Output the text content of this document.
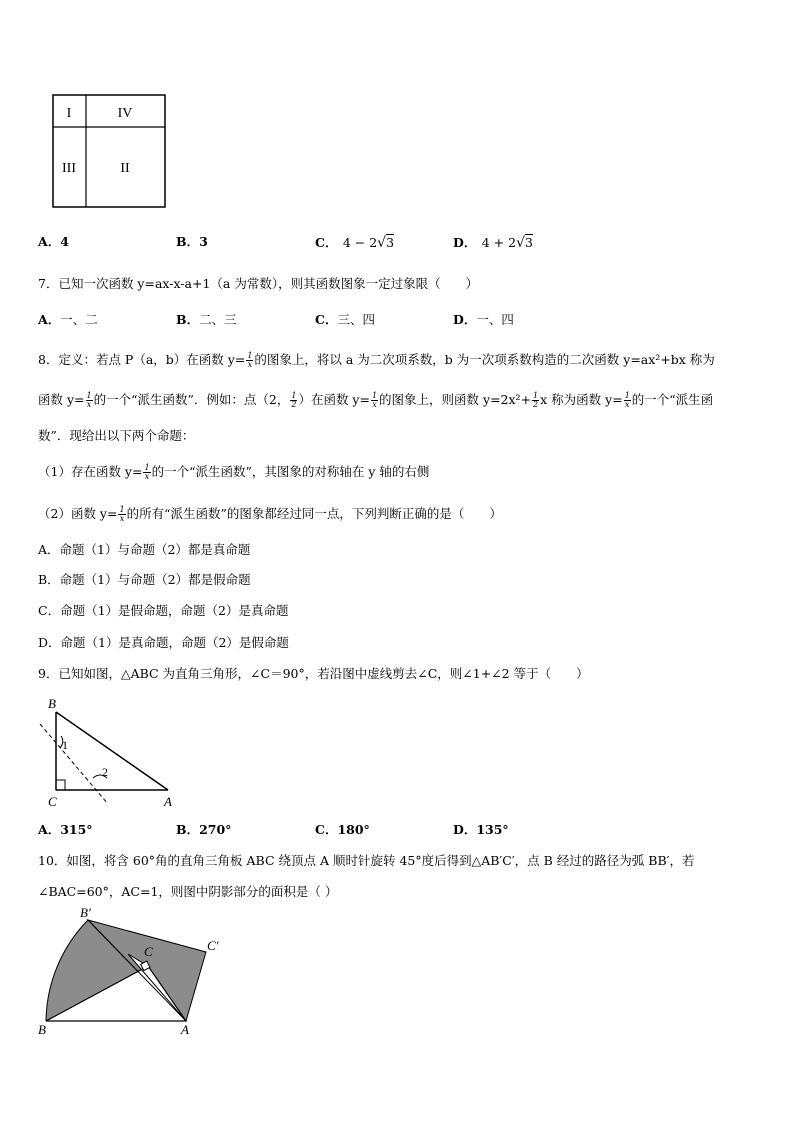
I	IV
III	II
A．4	B．3	C． 4 − 2√3	D． 4 + 2√3
7．已知一次函数 y=ax-x-a+1（a 为常数），则其函数图象一定过象限（　　）
A．一、二	B．二、三	C．三、四	D．一、四
8．定义：若点 P（a，b）在函数 $y= \frac{1}{x}$ 的图象上，将以 a 为二次项系数，b 为一次项系数构造的二次函数 y=ax²+bx 称为
函数 $y= \frac{1}{x}$ 的一个“派生函数”．例如：点（2， $\frac{1}{2}$ ）在函数 $y= \frac{1}{x}$ 的图象上，则函数 $y=2x^2+ \frac{1}{2}$ x 称为函数 $y= \frac{1}{x}$ 的一个“派生函
数”．现给出以下两个命题：
（1）存在函数 $y= \frac{1}{x}$ 的一个“派生函数”，其图象的对称轴在 y 轴的右侧
（2）函数 $y= \frac{1}{x}$ 的所有“派生函数”的图象都经过同一点，下列判断正确的是（　　）
A．命题（1）与命题（2）都是真命题
B．命题（1）与命题（2）都是假命题
C．命题（1）是假命题，命题（2）是真命题
D．命题（1）是真命题，命题（2）是假命题
9．已知如图，△ABC 为直角三角形，∠C＝90°，若沿图中虚线剪去∠C，则∠1+∠2 等于（　　）
B
C	A
1
2
A．315°	B．270°	C．180°	D．135°
10．如图，将含 60°角的直角三角板 ABC 绕顶点 A 顺时针旋转 45°度后得到△AB′C′，点 B 经过的路径为弧 BB′，若
∠BAC=60°，AC=1，则图中阴影部分的面积是（ ）
B′
C	C′
B	A
